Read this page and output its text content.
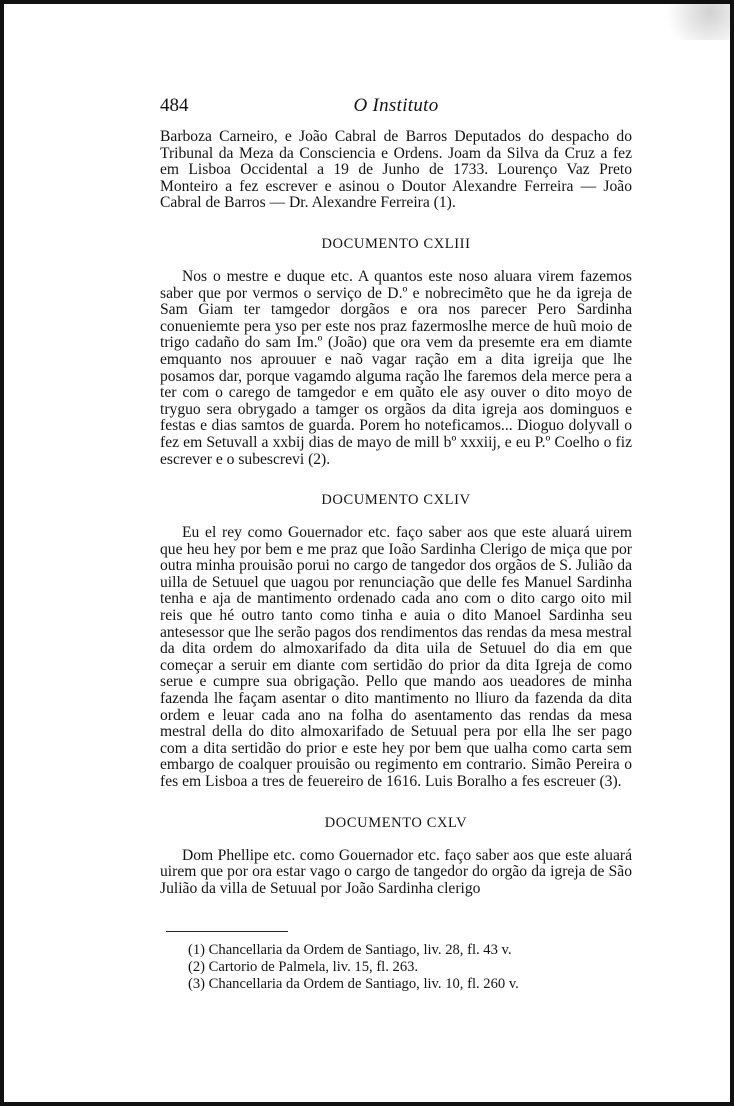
484	O Instituto

Barboza Carneiro, e João Cabral de Barros Deputados do despacho do Tribunal da Meza da Consciencia e Ordens. Joam da Silva da Cruz a fez em Lisboa Occidental a 19 de Junho de 1733. Lourenço Vaz Preto Monteiro a fez escrever e asinou o Doutor Alexandre Ferreira — João Cabral de Barros — Dr. Alexandre Ferreira (1).

DOCUMENTO CXLIII

Nos o mestre e duque etc. A quantos este noso aluara virem fazemos saber que por vermos o serviço de D.º e nobrecimẽto que he da igreja de Sam Giam ter tamgedor dorgãos e ora nos parecer Pero Sardinha conueniemte pera yso per este nos praz fazermoslhe merce de huũ moio de trigo cadaño do sam Im.º (João) que ora vem da presemte era em diamte emquanto nos aprouuer e naõ vagar ração em a dita igreija que lhe posamos dar, porque vagamdo alguma ração lhe faremos dela merce pera a ter com o carego de tamgedor e em quãto ele asy ouver o dito moyo de tryguo sera obrygado a tamger os orgãos da dita igreja aos dominguos e festas e dias samtos de guarda. Porem ho noteficamos... Dioguo dolyvall o fez em Setuvall a xxbij dias de mayo de mill bº xxxiij, e eu P.º Coelho o fiz escrever e o subescrevi (2).

DOCUMENTO CXLIV

Eu el rey como Gouernador etc. faço saber aos que este aluará uirem que heu hey por bem e me praz que Ioão Sardinha Clerigo de miça que por outra minha prouisão porui no cargo de tangedor dos orgãos de S. Julião da uilla de Setuuel que uagou por renunciação que delle fes Manuel Sardinha tenha e aja de mantimento ordenado cada ano com o dito cargo oito mil reis que hé outro tanto como tinha e auia o dito Manoel Sardinha seu antesessor que lhe serão pagos dos rendimentos das rendas da mesa mestral da dita ordem do almoxarifado da dita uila de Setuuel do dia em que começar a seruir em diante com sertidão do prior da dita Igreja de como serue e cumpre sua obrigação. Pello que mando aos ueadores de minha fazenda lhe façam asentar o dito mantimento no lliuro da fazenda da dita ordem e leuar cada ano na folha do asentamento das rendas da mesa mestral della do dito almoxarifado de Setuual pera por ella lhe ser pago com a dita sertidão do prior e este hey por bem que ualha como carta sem embargo de coalquer prouisão ou regimento em contrario. Simão Pereira o fes em Lisboa a tres de feuereiro de 1616. Luis Boralho a fes escreuer (3).

DOCUMENTO CXLV

Dom Phellipe etc. como Gouernador etc. faço saber aos que este aluará uirem que por ora estar vago o cargo de tangedor do orgão da igreja de São Julião da villa de Setuual por João Sardinha clerigo

(1) Chancellaria da Ordem de Santiago, liv. 28, fl. 43 v.
(2) Cartorio de Palmela, liv. 15, fl. 263.
(3) Chancellaria da Ordem de Santiago, liv. 10, fl. 260 v.
